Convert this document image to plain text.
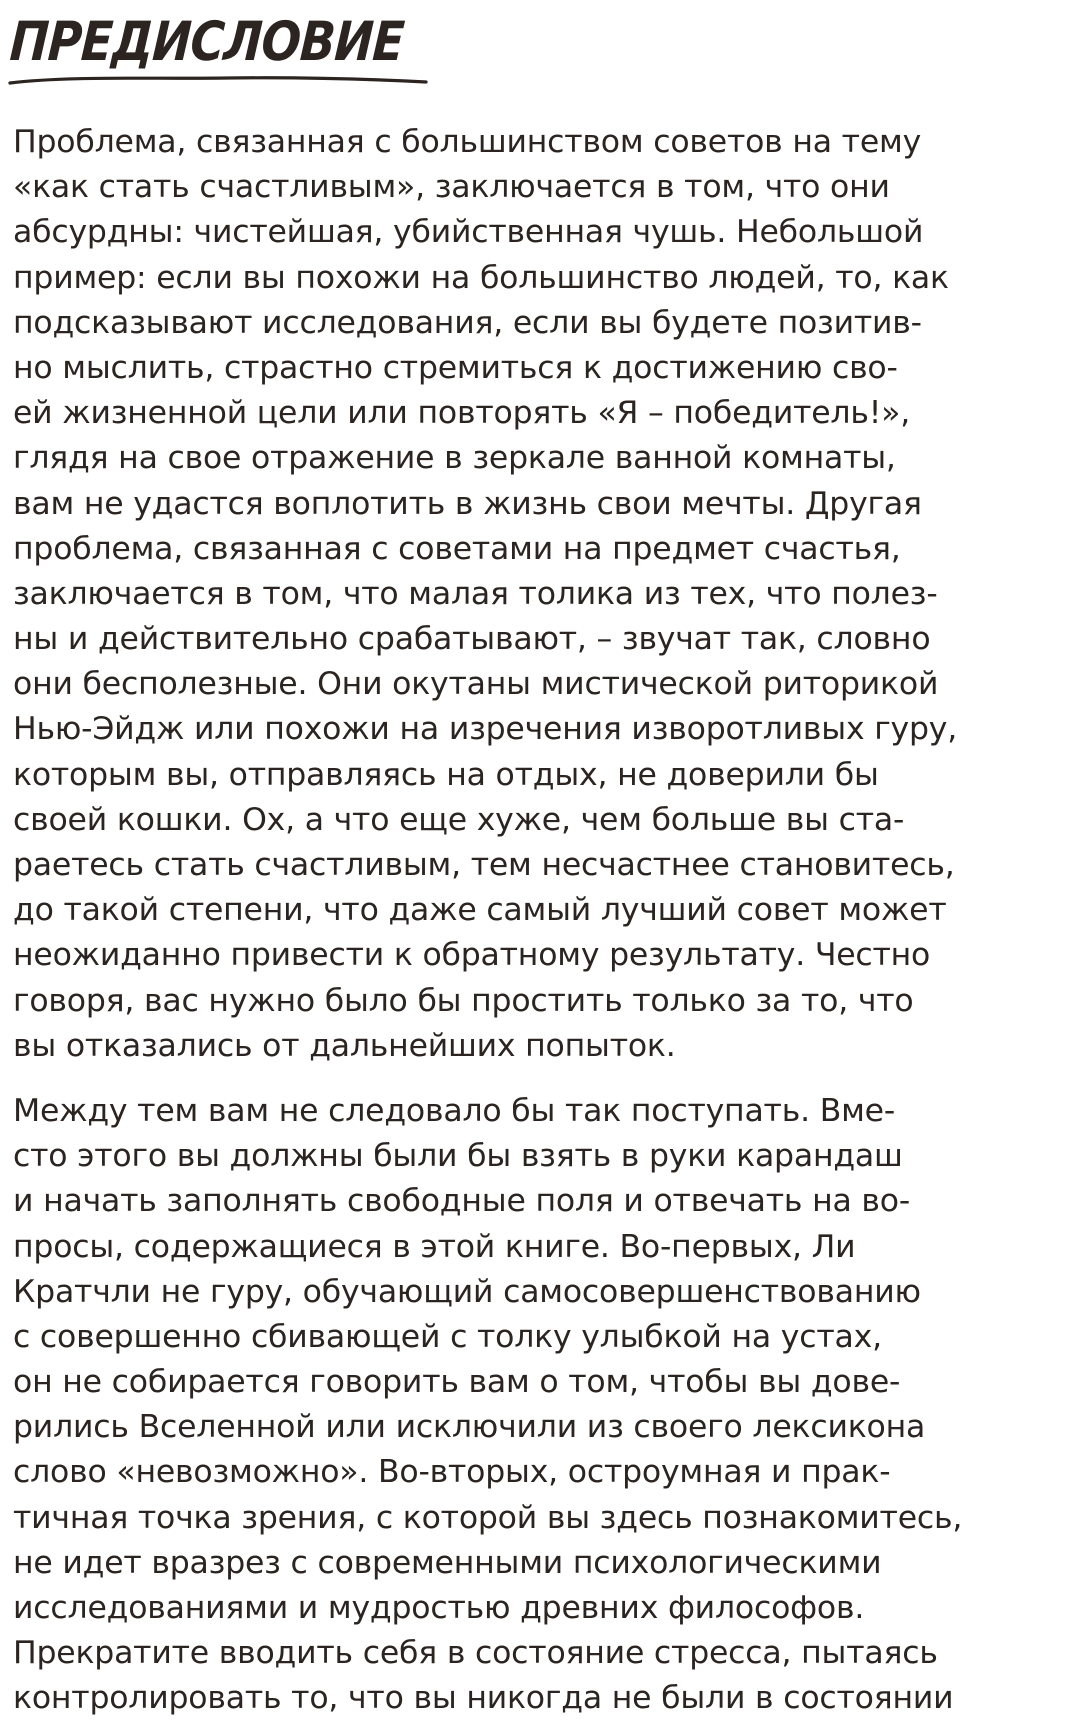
ПРЕДИСЛОВИЕ
Проблема, связанная с большинством советов на тему
«как стать счастливым», заключается в том, что они
абсурдны: чистейшая, убийственная чушь. Небольшой
пример: если вы похожи на большинство людей, то, как
подсказывают исследования, если вы будете позитив-
но мыслить, страстно стремиться к достижению сво-
ей жизненной цели или повторять «Я – победитель!»,
глядя на свое отражение в зеркале ванной комнаты,
вам не удастся воплотить в жизнь свои мечты. Другая
проблема, связанная с советами на предмет счастья,
заключается в том, что малая толика из тех, что полез-
ны и действительно срабатывают, – звучат так, словно
они бесполезные. Они окутаны мистической риторикой
Нью-Эйдж или похожи на изречения изворотливых гуру,
которым вы, отправляясь на отдых, не доверили бы
своей кошки. Ох, а что еще хуже, чем больше вы ста-
раетесь стать счастливым, тем несчастнее становитесь,
до такой степени, что даже самый лучший совет может
неожиданно привести к обратному результату. Честно
говоря, вас нужно было бы простить только за то, что
вы отказались от дальнейших попыток.
Между тем вам не следовало бы так поступать. Вме-
сто этого вы должны были бы взять в руки карандаш
и начать заполнять свободные поля и отвечать на во-
просы, содержащиеся в этой книге. Во-первых, Ли
Кратчли не гуру, обучающий самосовершенствованию
с совершенно сбивающей с толку улыбкой на устах,
он не собирается говорить вам о том, чтобы вы дове-
рились Вселенной или исключили из своего лексикона
слово «невозможно». Во-вторых, остроумная и прак-
тичная точка зрения, с которой вы здесь познакомитесь,
не идет вразрез с современными психологическими
исследованиями и мудростью древних философов.
Прекратите вводить себя в состояние стресса, пытаясь
контролировать то, что вы никогда не были в состоянии
